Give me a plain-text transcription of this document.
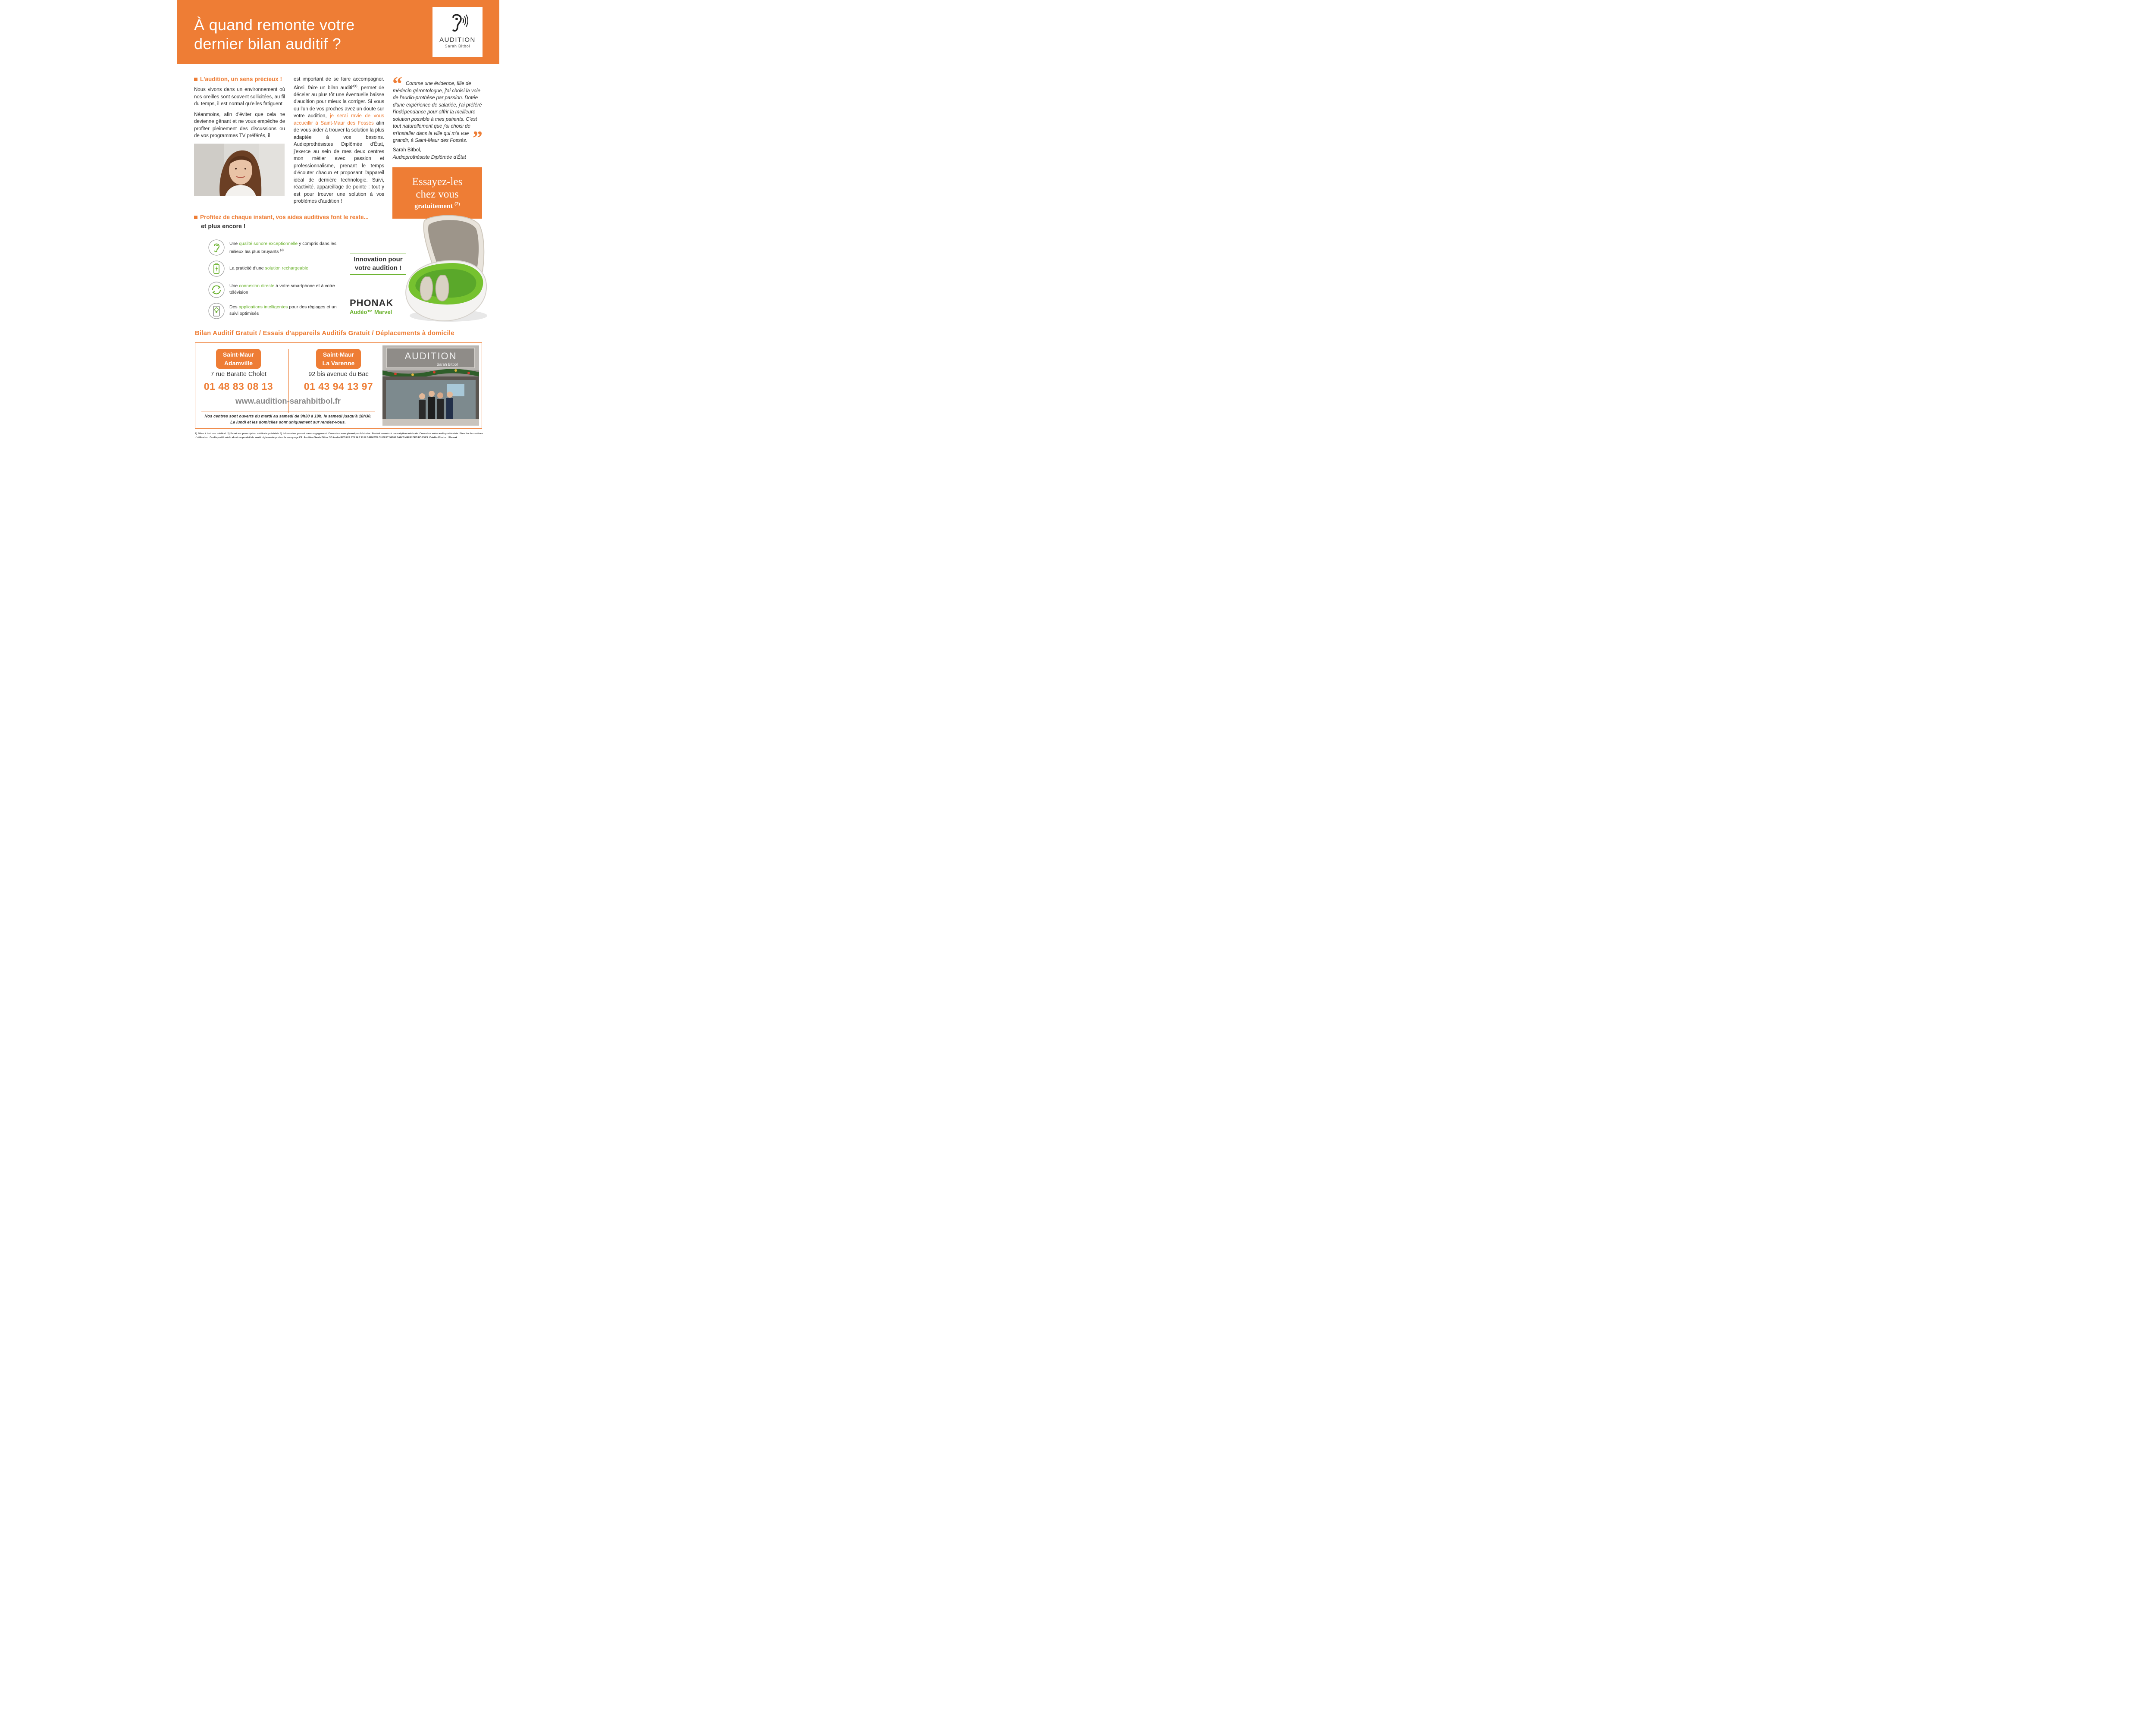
À quand remonte votre
dernier bilan auditif ?	AUDITION
Sarah Bitbol
L'audition, un sens précieux !

Nous vivons dans un environnement où nos oreilles sont souvent sollicitées, au fil du temps, il est normal qu'elles fatiguent.

Néanmoins, afin d'éviter que cela ne devienne gênant et ne vous empêche de profiter pleinement des discussions ou de vos programmes TV préférés, il

est important de se faire accompagner. Ainsi, faire un bilan auditif$^{(1)}$, permet de déceler au plus tôt une éventuelle baisse d'audition pour mieux la corriger. Si vous ou l'un de vos proches avez un doute sur votre audition, je serai ravie de vous accueillir à Saint-Maur des Fossés afin de vous aider à trouver la solution la plus adaptée à vos besoins. Audioprothésistes Diplômée d'État, j'exerce au sein de mes deux centres mon métier avec passion et professionnalisme, prenant le temps d'écouter chacun et proposant l'appareil idéal de dernière technologie. Suivi, réactivité, appareillage de pointe : tout y est pour trouver une solution à vos problèmes d'audition !

“ Comme une évidence, fille de médecin gérontologue, j'ai choisi la voie de l'audio-prothèse par passion. Dotée d'une expérience de salariée, j'ai préféré l'indépendance pour offrir la meilleure solution possible à mes patients. C'est tout naturellement que j'ai choisi de m'installer dans la ville qui m'a vue grandir, à Saint-Maur des Fossés. ”
Sarah Bitbol,
Audioprothésiste Diplômée d'État
Essayez-les
chez vous
gratuitement $^{(2)}$
Profitez de chaque instant, vos aides auditives font le reste...
et plus encore !
Une qualité sonore exceptionnelle y compris dans les milieux les plus bruyants $^{(3)}$
La praticité d'une solution rechargeable
Une connexion directe à votre smartphone et à votre télévision
Des applications intelligentes pour des réglages et un suivi optimisés
Innovation pour
votre audition !
PHONAK
Audéo™ Marvel
Bilan Auditif Gratuit / Essais d'appareils Auditifs Gratuit / Déplacements à domicile
Saint-Maur
Adamville
7 rue Baratte Cholet
01 48 83 08 13
Saint-Maur
La Varenne
92 bis avenue du Bac
01 43 94 13 97
www.audition-sarahbitbol.fr
Nos centres sont ouverts du mardi au samedi de 9h30 à 19h, le samedi jusqu'à 18h30.
Le lundi et les domiciles sont uniquement sur rendez-vous.
AUDITION
Sarah Bitbol
1) Bilan à but non médical. 2) Essai sur prescription médicale préalable 3) Information produit sans engagement. Consultez www.phonakpro.fr/etudes. Produit soumis à prescription médicale. Consultez votre audioprothésiste. Bien lire les notices d'utilisation. Ce dispositif médical est un produit de santé réglementé portant le marquage CE. Audition Sarah Bitbol SB Audio RCS 819 876 94 7 RUE BARATTE CHOLET 94100 SAINT MAUR DES FOSSES. Crédits Photos : Phonak
